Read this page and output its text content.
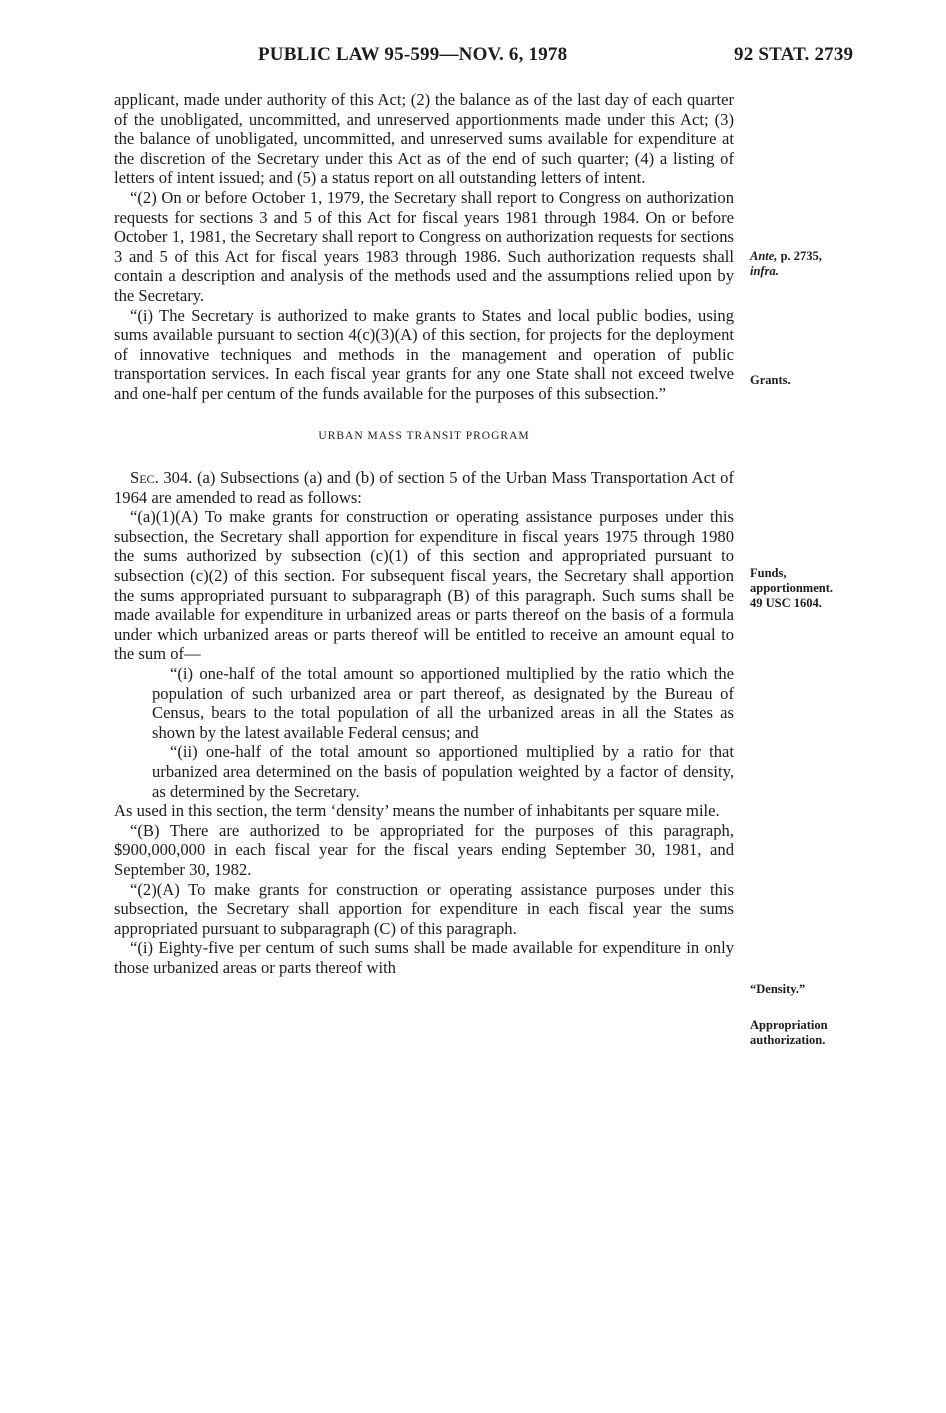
PUBLIC LAW 95-599—NOV. 6, 1978	92 STAT. 2739

applicant, made under authority of this Act; (2) the balance as of the last day of each quarter of the unobligated, uncommitted, and unreserved apportionments made under this Act; (3) the balance of unobligated, uncommitted, and unreserved sums available for expenditure at the discretion of the Secretary under this Act as of the end of such quarter; (4) a listing of letters of intent issued; and (5) a status report on all outstanding letters of intent.

“(2) On or before October 1, 1979, the Secretary shall report to Congress on authorization requests for sections 3 and 5 of this Act for fiscal years 1981 through 1984. On or before October 1, 1981, the Secretary shall report to Congress on authorization requests for sections 3 and 5 of this Act for fiscal years 1983 through 1986. Such authorization requests shall contain a description and analysis of the methods used and the assumptions relied upon by the Secretary.

“(i) The Secretary is authorized to make grants to States and local public bodies, using sums available pursuant to section 4(c)(3)(A) of this section, for projects for the deployment of innovative techniques and methods in the management and operation of public transportation services. In each fiscal year grants for any one State shall not exceed twelve and one-half per centum of the funds available for the purposes of this subsection.”

URBAN MASS TRANSIT PROGRAM

Sec. 304. (a) Subsections (a) and (b) of section 5 of the Urban Mass Transportation Act of 1964 are amended to read as follows:

“(a)(1)(A) To make grants for construction or operating assistance purposes under this subsection, the Secretary shall apportion for expenditure in fiscal years 1975 through 1980 the sums authorized by subsection (c)(1) of this section and appropriated pursuant to subsection (c)(2) of this section. For subsequent fiscal years, the Secretary shall apportion the sums appropriated pursuant to subparagraph (B) of this paragraph. Such sums shall be made available for expenditure in urbanized areas or parts thereof on the basis of a formula under which urbanized areas or parts thereof will be entitled to receive an amount equal to the sum of—

“(i) one-half of the total amount so apportioned multiplied by the ratio which the population of such urbanized area or part thereof, as designated by the Bureau of Census, bears to the total population of all the urbanized areas in all the States as shown by the latest available Federal census; and

“(ii) one-half of the total amount so apportioned multiplied by a ratio for that urbanized area determined on the basis of population weighted by a factor of density, as determined by the Secretary.

As used in this section, the term ‘density’ means the number of inhabitants per square mile.

“(B) There are authorized to be appropriated for the purposes of this paragraph, $900,000,000 in each fiscal year for the fiscal years ending September 30, 1981, and September 30, 1982.

“(2)(A) To make grants for construction or operating assistance purposes under this subsection, the Secretary shall apportion for expenditure in each fiscal year the sums appropriated pursuant to subparagraph (C) of this paragraph.

“(i) Eighty-five per centum of such sums shall be made available for expenditure in only those urbanized areas or parts thereof with

Ante, p. 2735,
infra.
Grants.
Funds,
apportionment.
49 USC 1604.
“Density.”
Appropriation
authorization.
